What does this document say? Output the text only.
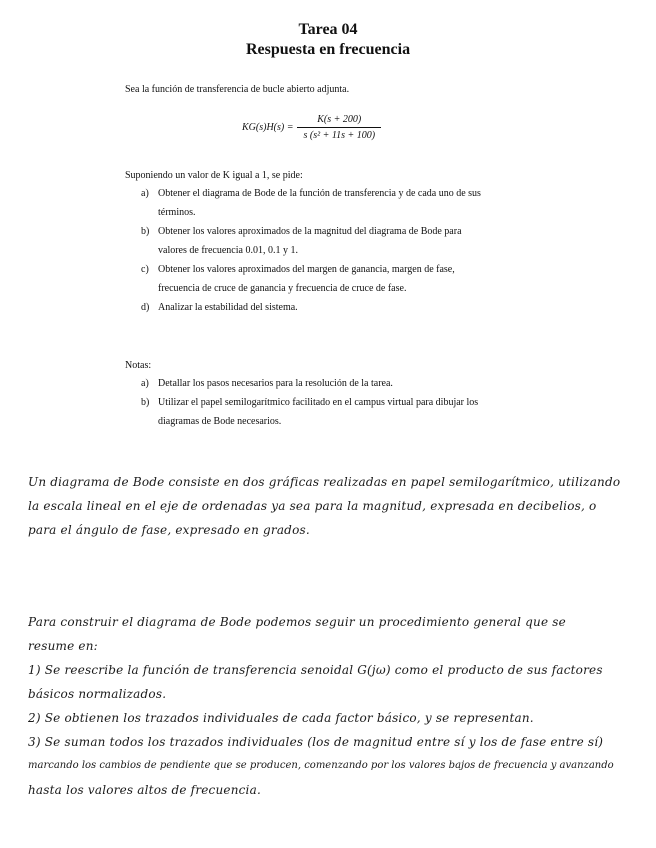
Tarea 04
Respuesta en frecuencia
Sea la función de transferencia de bucle abierto adjunta.
$KG(s)H(s) = \frac{K(s + 200)}{\text{s (s² + 11s + 100)}}$
Suponiendo un valor de K igual a 1, se pide:
a) Obtener el diagrama de Bode de la función de transferencia y de cada uno de sus
términos.
b) Obtener los valores aproximados de la magnitud del diagrama de Bode para
valores de frecuencia 0.01, 0.1 y 1.
c) Obtener los valores aproximados del margen de ganancia, margen de fase,
frecuencia de cruce de ganancia y frecuencia de cruce de fase.
d) Analizar la estabilidad del sistema.
Notas:
a) Detallar los pasos necesarios para la resolución de la tarea.
b) Utilizar el papel semilogarítmico facilitado en el campus virtual para dibujar los
diagramas de Bode necesarios.
Un diagrama de Bode consiste en dos gráficas realizadas en papel semilogarítmico, utilizando
la escala lineal en el eje de ordenadas ya sea para la magnitud, expresada en decibelios, o
para el ángulo de fase, expresado en grados.
Para construir el diagrama de Bode podemos seguir un procedimiento general que se
resume en:
1) Se reescribe la función de transferencia senoidal G(jω) como el producto de sus factores
básicos normalizados.
2) Se obtienen los trazados individuales de cada factor básico, y se representan.
3) Se suman todos los trazados individuales (los de magnitud entre sí y los de fase entre sí)
marcando los cambios de pendiente que se producen, comenzando por los valores bajos de frecuencia y avanzando
hasta los valores altos de frecuencia.
